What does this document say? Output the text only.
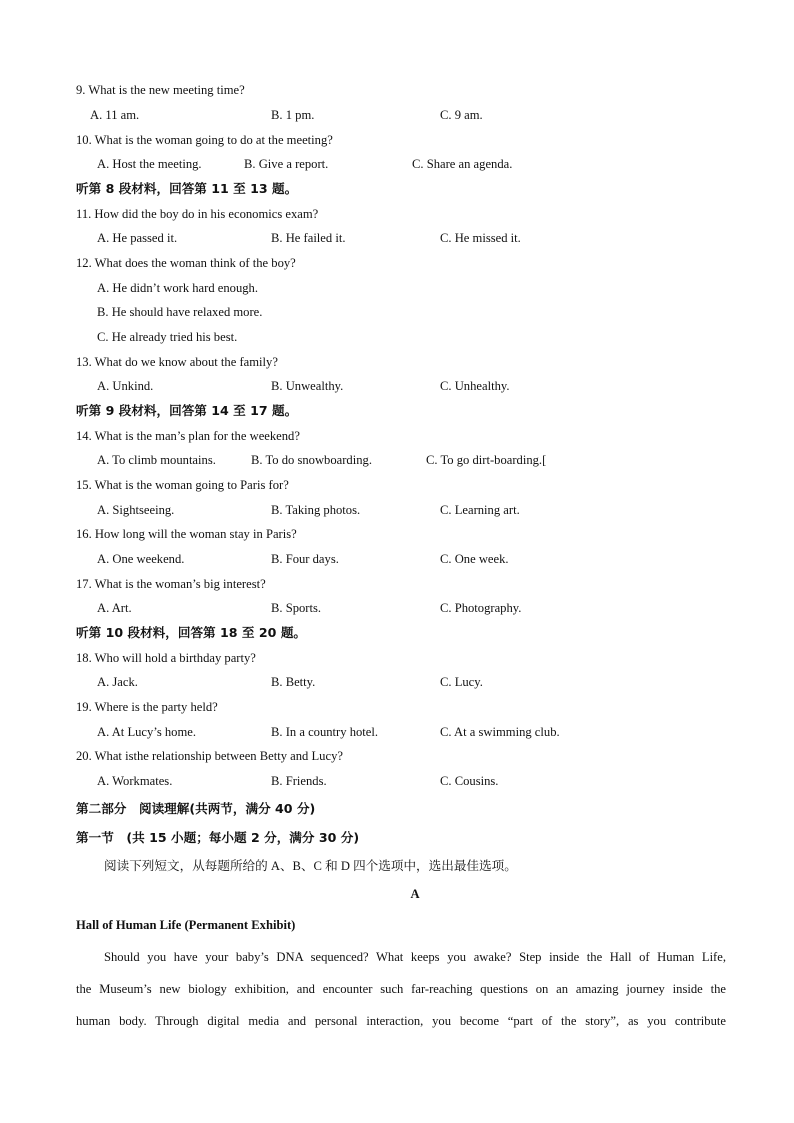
9. What is the new meeting time?
A. 11 am.	B. 1 pm.	C. 9 am.
10. What is the woman going to do at the meeting?
A. Host the meeting.	B. Give a report.	C. Share an agenda.
听第 8 段材料，回答第 11 至 13 题。
11. How did the boy do in his economics exam?
A. He passed it.	B. He failed it.	C. He missed it.
12. What does the woman think of the boy?
A. He didn’t work hard enough.
B. He should have relaxed more.
C. He already tried his best.
13. What do we know about the family?
A. Unkind.	B. Unwealthy.	C. Unhealthy.
听第 9 段材料，回答第 14 至 17 题。
14. What is the man’s plan for the weekend?
A. To climb mountains.	B. To do snowboarding.	C. To go dirt-boarding.[
15. What is the woman going to Paris for?
A. Sightseeing.	B. Taking photos.	C. Learning art.
16. How long will the woman stay in Paris?
A. One weekend.	B. Four days.	C. One week.
17. What is the woman’s big interest?
A. Art.	B. Sports.	C. Photography.
听第 10 段材料，回答第 18 至 20 题。
18. Who will hold a birthday party?
A. Jack.	B. Betty.	C. Lucy.
19. Where is the party held?
A. At Lucy’s home.	B. In a country hotel.	C. At a swimming club.
20. What isthe relationship between Betty and Lucy?
A. Workmates.	B. Friends.	C. Cousins.
第二部分　阅读理解(共两节，满分 40 分)
第一节　(共 15 小题；每小题 2 分，满分 30 分)
阅读下列短文，从每题所给的 A、B、C 和 D 四个选项中，选出最佳选项。
A
Hall of Human Life (Permanent Exhibit)
Should you have your baby’s DNA sequenced? What keeps you awake? Step inside the Hall of Human Life,
the Museum’s new biology exhibition, and encounter such far-reaching questions on an amazing journey inside the
human body. Through digital media and personal interaction, you become “part of the story”, as you contribute
